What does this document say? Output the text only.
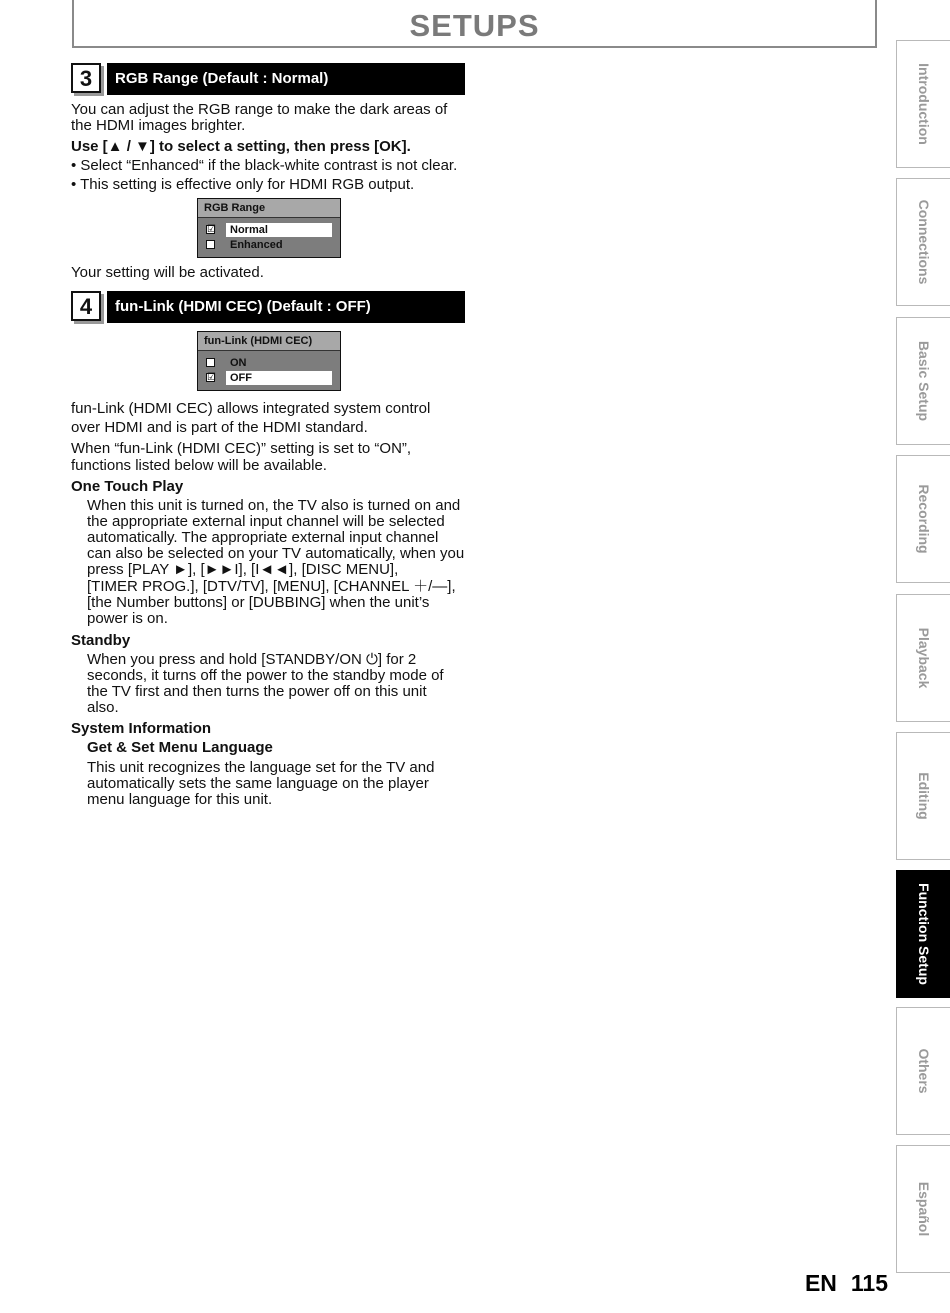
SETUPS
3	RGB Range (Default : Normal)
You can adjust the RGB range to make the dark areas of
the HDMI images brighter.
Use [▲ / ▼] to select a setting, then press [OK].
• Select “Enhanced“ if the black-white contrast is not clear.
• This setting is effective only for HDMI RGB output.
RGB Range
☑	Normal
Enhanced
Your setting will be activated.
4	fun-Link (HDMI CEC) (Default : OFF)
fun-Link (HDMI CEC)
ON
☑	OFF
fun-Link (HDMI CEC) allows integrated system control
over HDMI and is part of the HDMI standard.
When “fun-Link (HDMI CEC)” setting is set to “ON”,
functions listed below will be available.
One Touch Play
When this unit is turned on, the TV also is turned on and
the appropriate external input channel will be selected
automatically. The appropriate external input channel
can also be selected on your TV automatically, when you
press [PLAY ►], [►►I], [I◄◄], [DISC MENU],
[TIMER PROG.], [DTV/TV], [MENU], [CHANNEL ＋/—],
[the Number buttons] or [DUBBING] when the unit’s
power is on.
Standby
When you press and hold [STANDBY/ON ⏻] for 2
seconds, it turns off the power to the standby mode of
the TV first and then turns the power off on this unit
also.
System Information
Get & Set Menu Language
This unit recognizes the language set for the TV and
automatically sets the same language on the player
menu language for this unit.
Introduction
Connections
Basic Setup
Recording
Playback
Editing
Function Setup
Others
Español
EN 115
